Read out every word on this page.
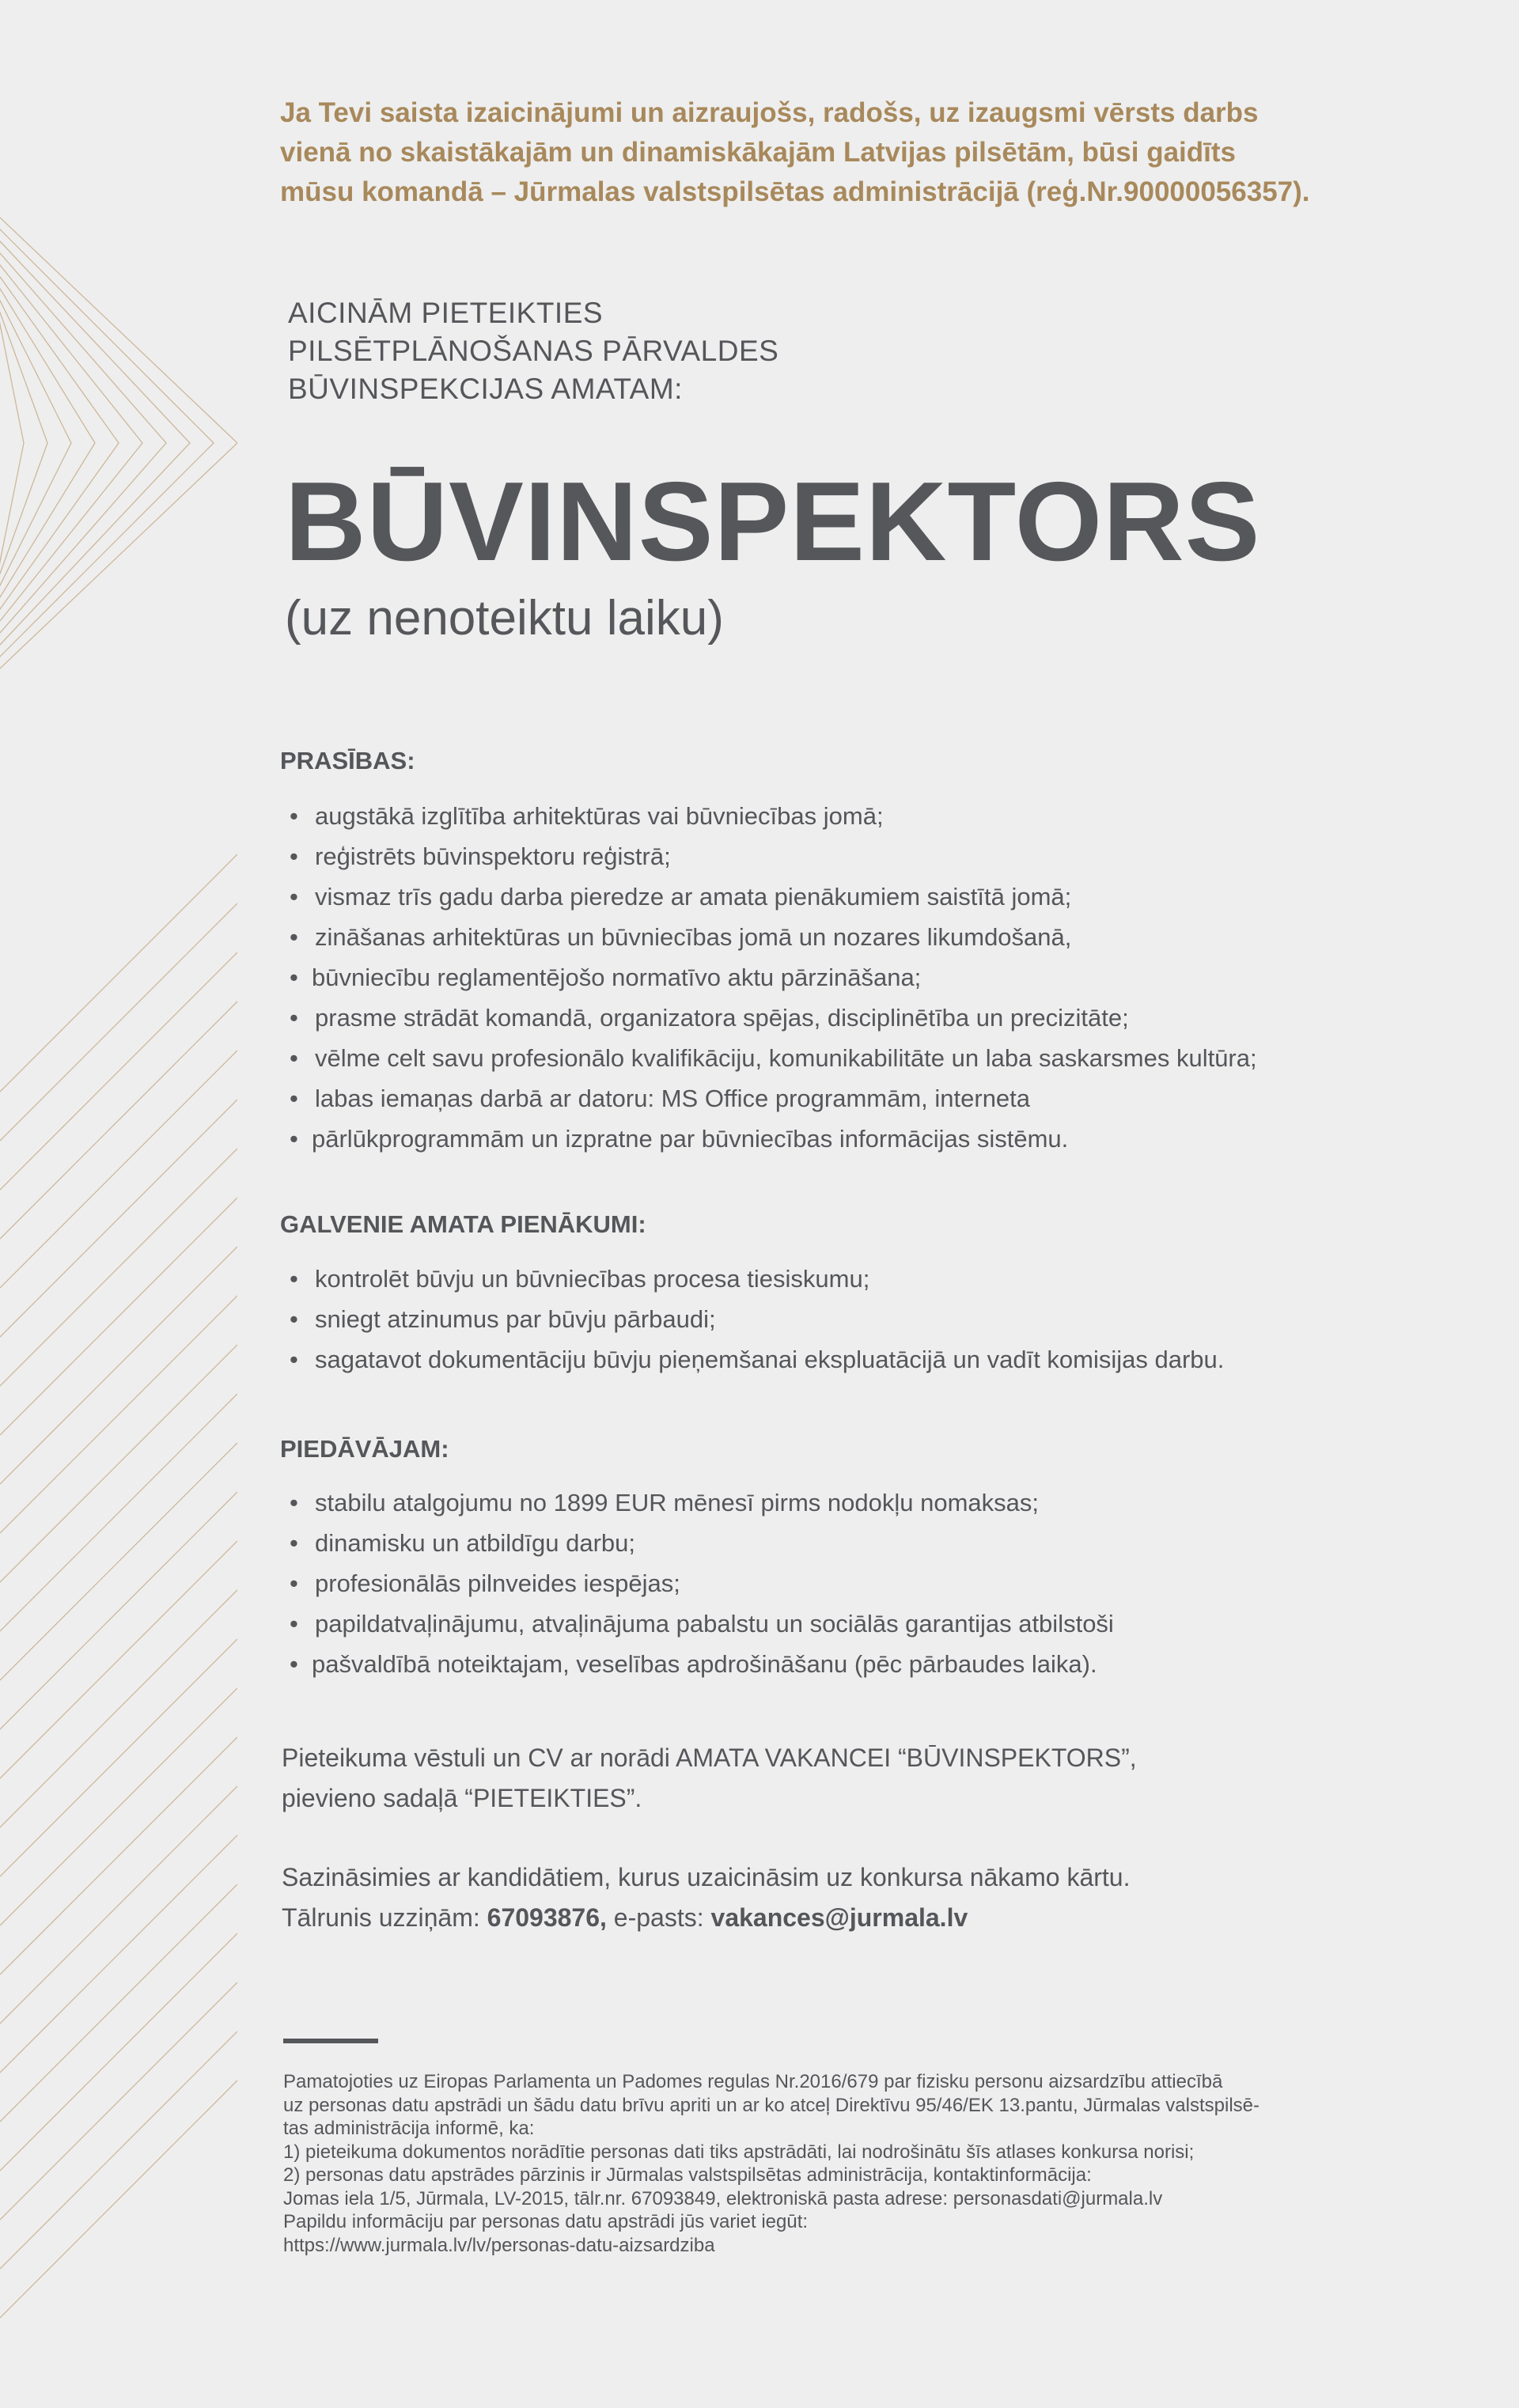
Ja Tevi saista izaicinājumi un aizraujošs, radošs, uz izaugsmi vērsts darbs
vienā no skaistākajām un dinamiskākajām Latvijas pilsētām, būsi gaidīts
mūsu komandā – Jūrmalas valstspilsētas administrācijā (reģ.Nr.90000056357).
AICINĀM PIETEIKTIES
PILSĒTPLĀNOŠANAS PĀRVALDES
BŪVINSPEKCIJAS AMATAM:
BŪVINSPEKTORS
(uz nenoteiktu laiku)
PRASĪBAS:
• augstākā izglītība arhitektūras vai būvniecības jomā;
• reģistrēts būvinspektoru reģistrā;
• vismaz trīs gadu darba pieredze ar amata pienākumiem saistītā jomā;
• zināšanas arhitektūras un būvniecības jomā un nozares likumdošanā,
• būvniecību reglamentējošo normatīvo aktu pārzināšana;
• prasme strādāt komandā, organizatora spējas, disciplinētība un precizitāte;
• vēlme celt savu profesionālo kvalifikāciju, komunikabilitāte un laba saskarsmes kultūra;
• labas iemaņas darbā ar datoru: MS Office programmām, interneta
• pārlūkprogrammām un izpratne par būvniecības informācijas sistēmu.
GALVENIE AMATA PIENĀKUMI:
• kontrolēt būvju un būvniecības procesa tiesiskumu;
• sniegt atzinumus par būvju pārbaudi;
• sagatavot dokumentāciju būvju pieņemšanai ekspluatācijā un vadīt komisijas darbu.
PIEDĀVĀJAM:
• stabilu atalgojumu no 1899 EUR mēnesī pirms nodokļu nomaksas;
• dinamisku un atbildīgu darbu;
• profesionālās pilnveides iespējas;
• papildatvaļinājumu, atvaļinājuma pabalstu un sociālās garantijas atbilstoši
• pašvaldībā noteiktajam, veselības apdrošināšanu (pēc pārbaudes laika).
Pieteikuma vēstuli un CV ar norādi AMATA VAKANCEI “BŪVINSPEKTORS”,
pievieno sadaļā “PIETEIKTIES”.
Sazināsimies ar kandidātiem, kurus uzaicināsim uz konkursa nākamo kārtu.
Tālrunis uzziņām: 67093876, e-pasts: vakances@jurmala.lv
Pamatojoties uz Eiropas Parlamenta un Padomes regulas Nr.2016/679 par fizisku personu aizsardzību attiecībā
uz personas datu apstrādi un šādu datu brīvu apriti un ar ko atceļ Direktīvu 95/46/EK 13.pantu, Jūrmalas valstspilsē-
tas administrācija informē, ka:
1) pieteikuma dokumentos norādītie personas dati tiks apstrādāti, lai nodrošinātu šīs atlases konkursa norisi;
2) personas datu apstrādes pārzinis ir Jūrmalas valstspilsētas administrācija, kontaktinformācija:
Jomas iela 1/5, Jūrmala, LV-2015, tālr.nr. 67093849, elektroniskā pasta adrese: personasdati@jurmala.lv
Papildu informāciju par personas datu apstrādi jūs variet iegūt:
https://www.jurmala.lv/lv/personas-datu-aizsardziba
